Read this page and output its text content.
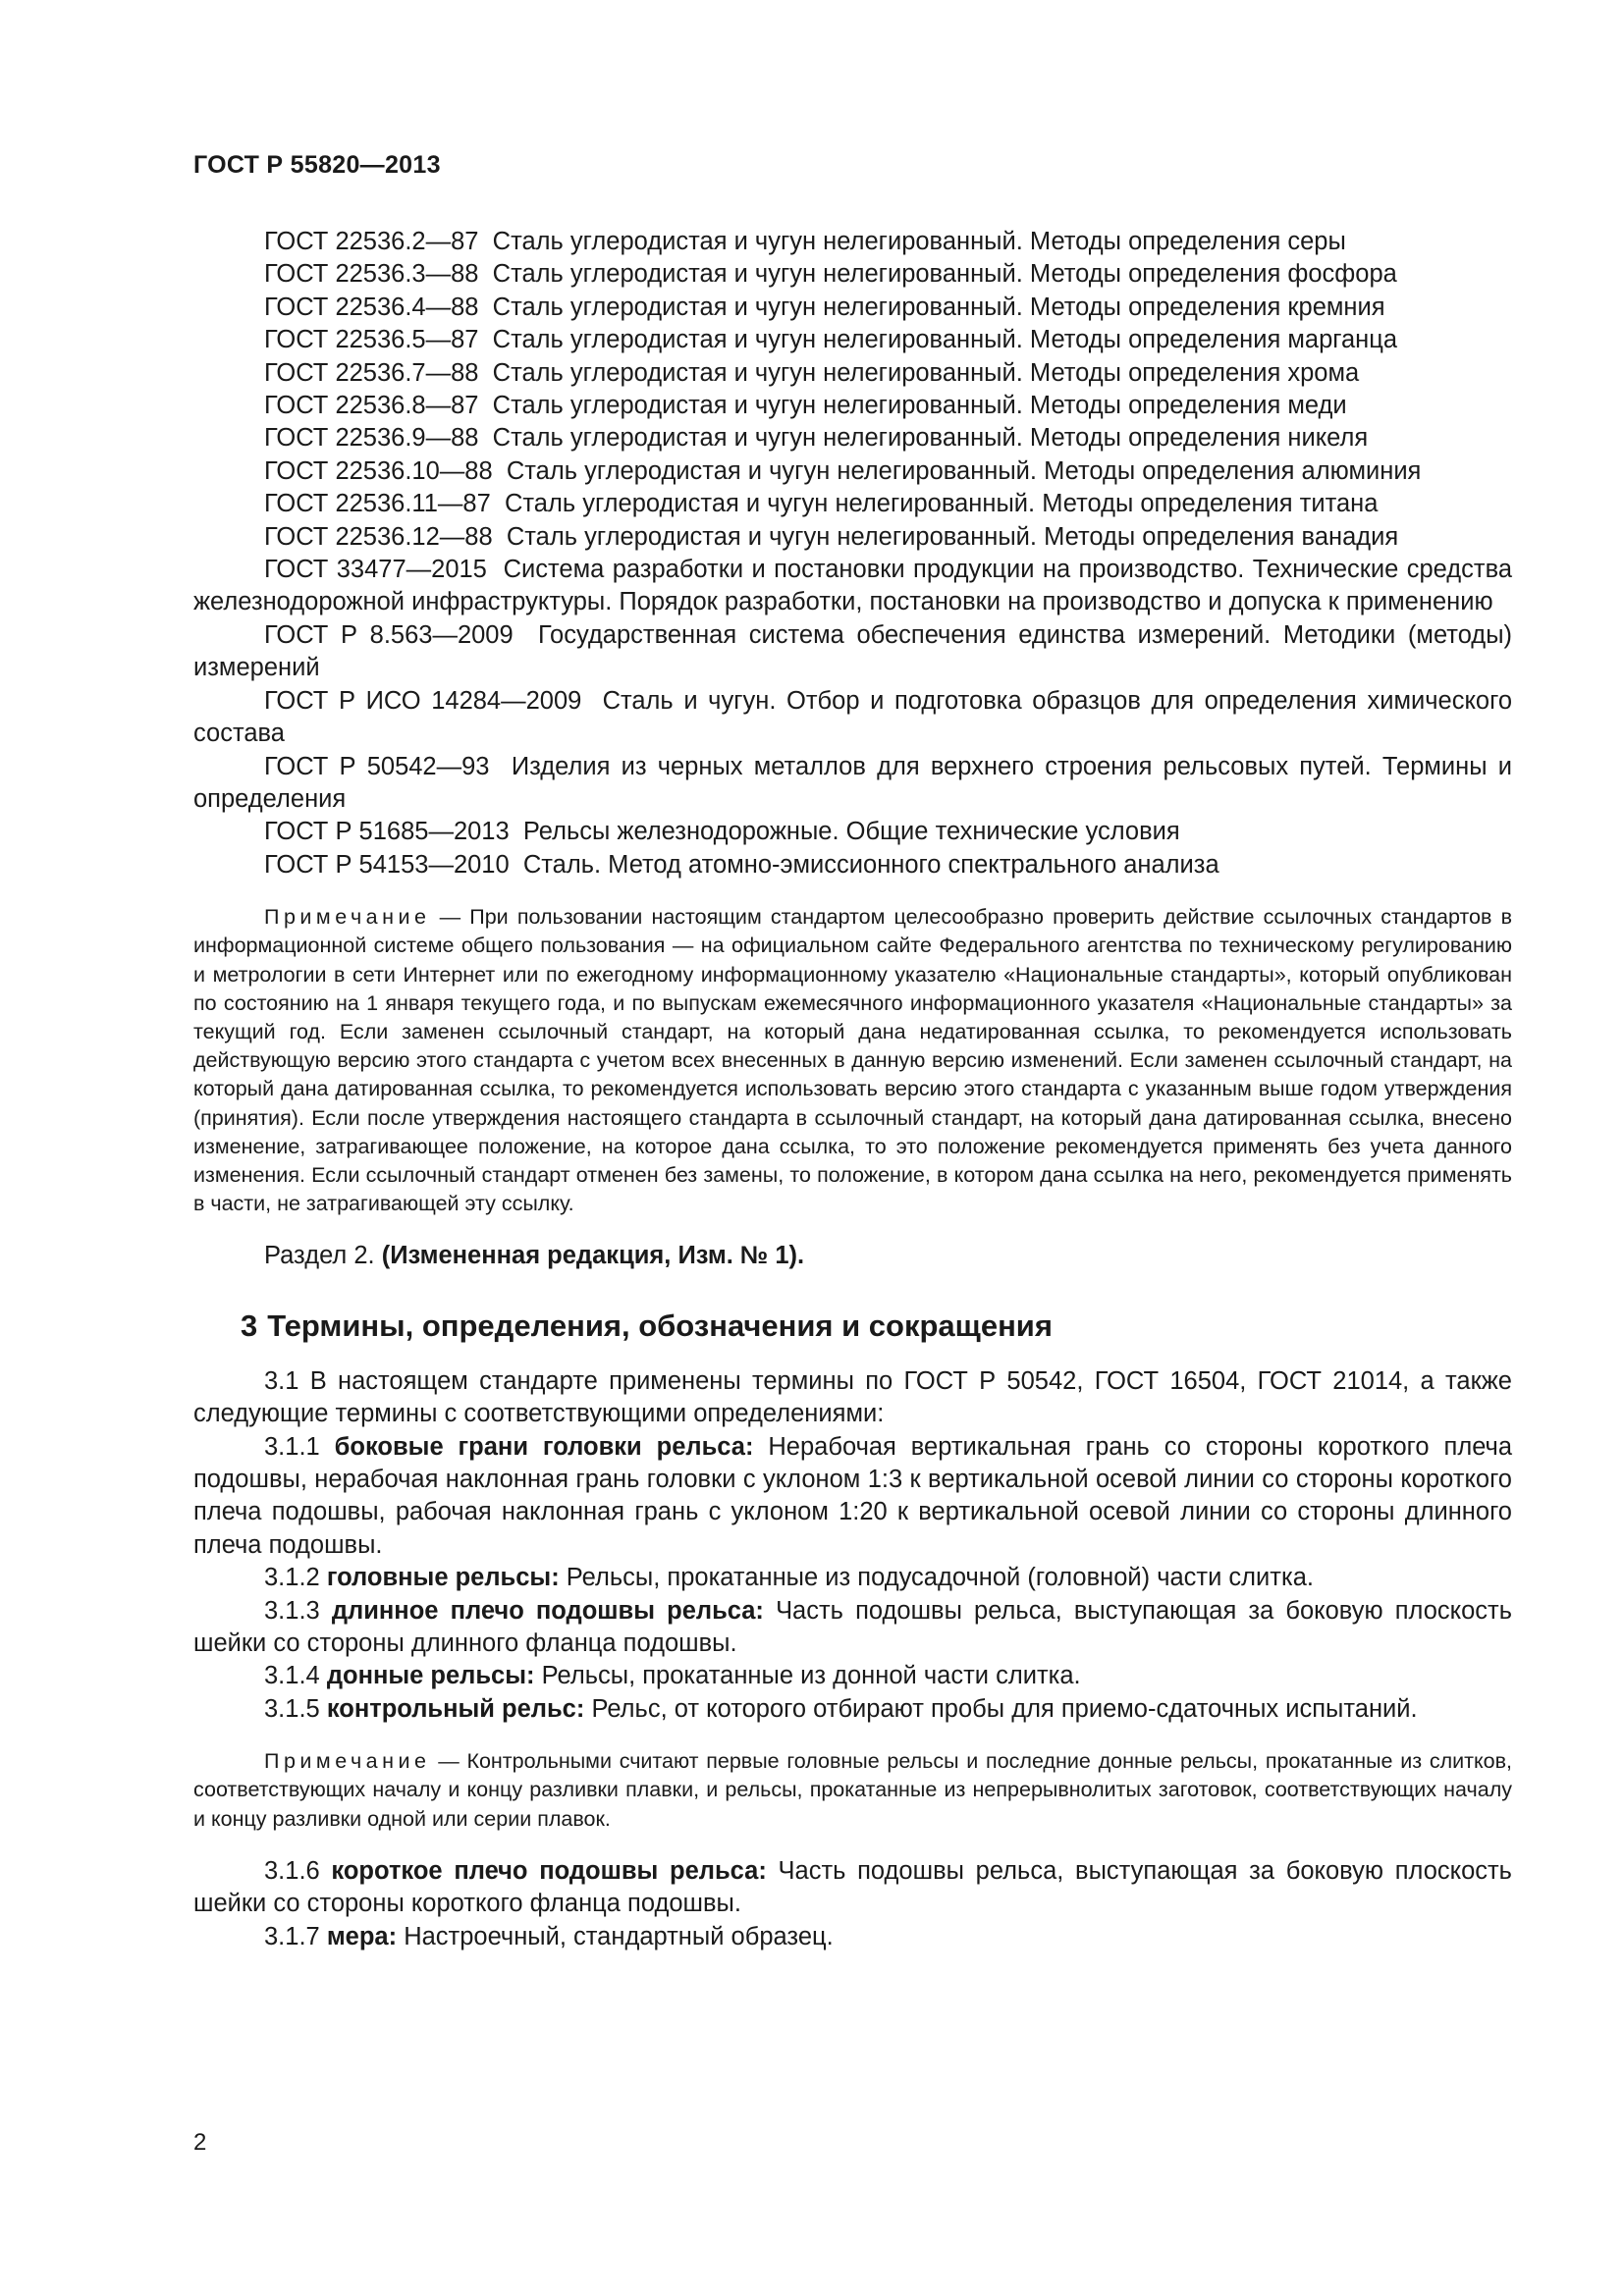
ГОСТ Р 55820—2013

ГОСТ 22536.2—87 Сталь углеродистая и чугун нелегированный. Методы определения серы

ГОСТ 22536.3—88 Сталь углеродистая и чугун нелегированный. Методы определения фосфора

ГОСТ 22536.4—88 Сталь углеродистая и чугун нелегированный. Методы определения кремния

ГОСТ 22536.5—87 Сталь углеродистая и чугун нелегированный. Методы определения марганца

ГОСТ 22536.7—88 Сталь углеродистая и чугун нелегированный. Методы определения хрома

ГОСТ 22536.8—87 Сталь углеродистая и чугун нелегированный. Методы определения меди

ГОСТ 22536.9—88 Сталь углеродистая и чугун нелегированный. Методы определения никеля

ГОСТ 22536.10—88 Сталь углеродистая и чугун нелегированный. Методы определения алюминия

ГОСТ 22536.11—87 Сталь углеродистая и чугун нелегированный. Методы определения титана

ГОСТ 22536.12—88 Сталь углеродистая и чугун нелегированный. Методы определения ванадия

ГОСТ 33477—2015 Система разработки и постановки продукции на производство. Технические средства железнодорожной инфраструктуры. Порядок разработки, постановки на производство и допуска к применению

ГОСТ Р 8.563—2009 Государственная система обеспечения единства измерений. Методики (методы) измерений

ГОСТ Р ИСО 14284—2009 Сталь и чугун. Отбор и подготовка образцов для определения химического состава

ГОСТ Р 50542—93 Изделия из черных металлов для верхнего строения рельсовых путей. Термины и определения

ГОСТ Р 51685—2013 Рельсы железнодорожные. Общие технические условия

ГОСТ Р 54153—2010 Сталь. Метод атомно-эмиссионного спектрального анализа

Примечание — При пользовании настоящим стандартом целесообразно проверить действие ссылочных стандартов в информационной системе общего пользования — на официальном сайте Федерального агентства по техническому регулированию и метрологии в сети Интернет или по ежегодному информационному указателю «Национальные стандарты», который опубликован по состоянию на 1 января текущего года, и по выпускам ежемесячного информационного указателя «Национальные стандарты» за текущий год. Если заменен ссылочный стандарт, на который дана недатированная ссылка, то рекомендуется использовать действующую версию этого стандарта с учетом всех внесенных в данную версию изменений. Если заменен ссылочный стандарт, на который дана датированная ссылка, то рекомендуется использовать версию этого стандарта с указанным выше годом утверждения (принятия). Если после утверждения настоящего стандарта в ссылочный стандарт, на который дана датированная ссылка, внесено изменение, затрагивающее положение, на которое дана ссылка, то это положение рекомендуется применять без учета данного изменения. Если ссылочный стандарт отменен без замены, то положение, в котором дана ссылка на него, рекомендуется применять в части, не затрагивающей эту ссылку.

Раздел 2. (Измененная редакция, Изм. № 1).

3 Термины, определения, обозначения и сокращения

3.1 В настоящем стандарте применены термины по ГОСТ Р 50542, ГОСТ 16504, ГОСТ 21014, а также следующие термины с соответствующими определениями:

3.1.1 боковые грани головки рельса: Нерабочая вертикальная грань со стороны короткого плеча подошвы, нерабочая наклонная грань головки с уклоном 1:3 к вертикальной осевой линии со стороны короткого плеча подошвы, рабочая наклонная грань с уклоном 1:20 к вертикальной осевой линии со стороны длинного плеча подошвы.

3.1.2 головные рельсы: Рельсы, прокатанные из подусадочной (головной) части слитка.

3.1.3 длинное плечо подошвы рельса: Часть подошвы рельса, выступающая за боковую плоскость шейки со стороны длинного фланца подошвы.

3.1.4 донные рельсы: Рельсы, прокатанные из донной части слитка.

3.1.5 контрольный рельс: Рельс, от которого отбирают пробы для приемо-сдаточных испытаний.

Примечание — Контрольными считают первые головные рельсы и последние донные рельсы, прокатанные из слитков, соответствующих началу и концу разливки плавки, и рельсы, прокатанные из непрерывнолитых заготовок, соответствующих началу и концу разливки одной или серии плавок.

3.1.6 короткое плечо подошвы рельса: Часть подошвы рельса, выступающая за боковую плоскость шейки со стороны короткого фланца подошвы.

3.1.7 мера: Настроечный, стандартный образец.

2
